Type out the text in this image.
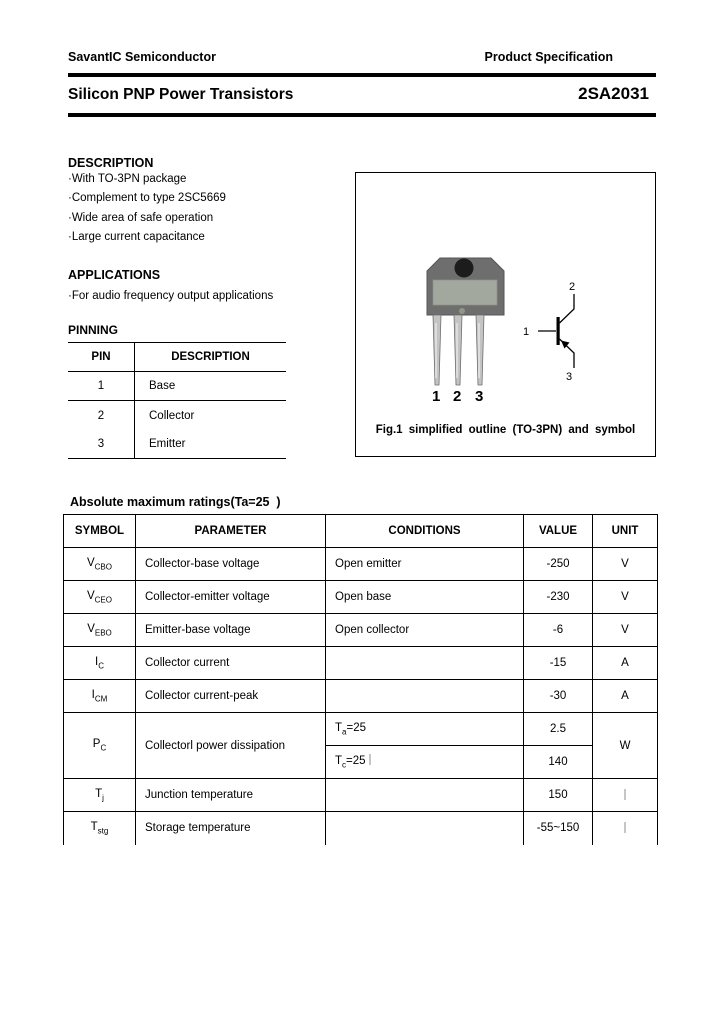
SavantIC Semiconductor	Product Specification
Silicon PNP Power Transistors	2SA2031
DESCRIPTION
·With TO-3PN package
·Complement to type 2SC5669
·Wide area of safe operation
·Large current capacitance
APPLICATIONS
·For audio frequency output applications
PINNING
PIN	DESCRIPTION
1	Base
2	Collector
3	Emitter
1 2 3
1
2
3
Fig.1 simplified outline (TO-3PN) and symbol
Absolute maximum ratings(Ta=25  )
SYMBOL	PARAMETER	CONDITIONS	VALUE	UNIT
$V_{CBO}$	Collector-base voltage	Open emitter	-250	V
$V_{CEO}$	Collector-emitter voltage	Open base	-230	V
$V_{EBO}$	Emitter-base voltage	Open collector	-6	V
$I_C$	Collector current		-15	A
$I_{CM}$	Collector current-peak		-30	A
$P_C$	Collectorl power dissipation	$T_a=25$	2.5	W
		$T_c=25$	140	
$T_j$	Junction temperature		150	
$T_{stg}$	Storage temperature		-55~150	
